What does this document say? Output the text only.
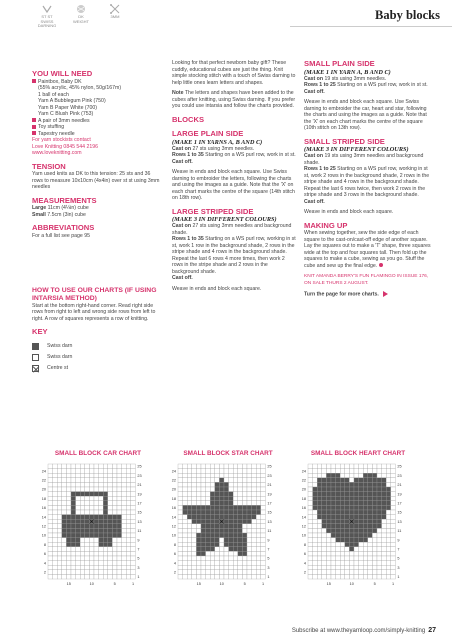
Baby blocks
ST ST
SWISS
DARNING
DK
WEIGHT
3MM
YOU WILL NEED
Paintbox, Baby DK
(55% acrylic, 45% nylon, 50g/167m)
1 ball of each
Yarn A Bubblegum Pink (750)
Yarn B Paper White (700)
Yarn C Blush Pink (753)
A pair of 3mm needles
Toy stuffing
Tapestry needle
For yarn stockists contact
Love Knitting 0845 544 2196
www.loveknitting.com
TENSION
Yarn used knits as DK to this tension: 25 sts and 36 rows to measure 10x10cm (4x4in) over st st using 3mm needles
MEASUREMENTS
Large 11cm (4¼in) cube
Small 7.5cm (3in) cube
ABBREVIATIONS
For a full list see page 95
HOW TO USE OUR CHARTS (IF USING INTARSIA METHOD)
Start at the bottom right-hand corner. Read right side rows from right to left and wrong side rows from left to right. A row of squares represents a row of knitting.
KEY
Swiss darn
Swiss darn
Centre st
Looking for that perfect newborn baby gift? These cuddly, educational cubes are just the thing. Knit simple stocking stitch with a touch of Swiss darning to help little ones learn letters and shapes.
Note The letters and shapes have been added to the cubes after knitting, using Swiss darning. If you prefer you could use intarsia and follow the charts provided.
BLOCKS
LARGE PLAIN SIDE
(MAKE 1 IN YARNS A, B AND C)
Cast on 27 sts using 3mm needles.
Rows 1 to 35 Starting on a WS purl row, work in st st.
Cast off.
Weave in ends and block each square. Use Swiss darning to embroider the letters, following the charts and using the images as a guide. Note that the 'X' on each chart marks the centre of the square (14th stitch on 18th row).
LARGE STRIPED SIDE
(MAKE 3 IN DIFFERENT COLOURS)
Cast on 27 sts using 3mm needles and background shade.
Rows 1 to 35 Starting on a WS purl row, working in st st, work 1 row in the background shade, 2 rows in the stripe shade and 4 rows in the background shade. Repeat the last 6 rows 4 more times, then work 2 rows in the stripe shade and 2 rows in the background shade.
Cast off.
Weave in ends and block each square.
SMALL PLAIN SIDE
(MAKE 1 IN YARN A, B AND C)
Cast on 19 sts using 3mm needles.
Rows 1 to 25 Starting on a WS purl row, work in st st.
Cast off.
Weave in ends and block each square. Use Swiss darning to embroider the car, heart and star, following the charts and using the images as a guide. Note that the 'X' on each chart marks the centre of the square (10th stitch on 13th row).
SMALL STRIPED SIDE
(MAKE 3 IN DIFFERENT COLOURS)
Cast on 19 sts using 3mm needles and background shade.
Rows 1 to 25 Starting on a WS purl row, working in st st, work 2 rows in the background shade, 2 rows in the stripe shade and 4 rows in the background shade. Repeat the last 6 rows twice, then work 2 rows in the stripe shade and 3 rows in the background shade.
Cast off.
Weave in ends and block each square.
MAKING UP
When sewing together, sew the side edge of each square to the cast-on/cast-off edge of another square. Lay the squares out to make a 'T' shape, three squares wide at the top and four squares tall. Then fold up the squares to make a cube, sewing as you go. Stuff the cube and sew up the final edge.
KNIT AMANDA BERRY'S FUN FLAMINGO IN ISSUE 176, ON SALE THURS 2 AUGUST.
Turn the page for more charts.
SMALL BLOCK CAR CHART
24
22
20
18
16
14
12
10
8
6
4
2
25
23
21
19
17
15
13
11
9
7
5
3
1
15	10	5	1
SMALL BLOCK STAR CHART
24
22
20
18
16
14
12
10
8
6
4
2
25
23
21
19
17
15
13
11
9
7
5
3
1
15	10	5	1
SMALL BLOCK HEART CHART
24
22
20
18
16
14
12
10
8
6
4
2
25
23
21
19
17
15
13
11
9
7
5
3
1
15	10	5	1
Subscribe at www.theyarnloop.com/simply-knitting 27
